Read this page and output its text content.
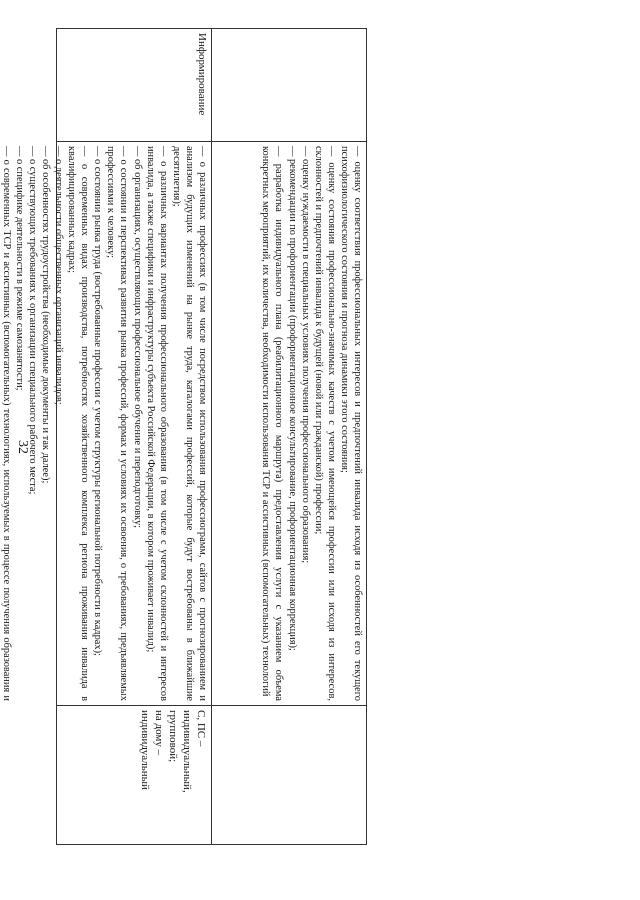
32	— оценку соответствия профессиональных интересов и предпочтений инвалида исходя из особенностей его текущего психофизиологического состояния и прогноза динамики этого состояния;

— оценку состояния профессионально-значимых качеств с учетом имеющейся профессии или исходя из интересов, склонностей и предпочтений инвалида к будущей (новой или гражданской) профессии;

— оценку нуждаемости в специальных условиях получения профессионального образования;

— рекомендации по профориентации (профориентационное консультирование, профориентационная коррекция);

— разработка индивидуального плана (реабилитационного маршрута) предоставления услуги с указанием объема конкретных мероприятий, их количества, необходимости использования ТСР и ассистивных (вспомогательных) технологий

Информирование

— о различных профессиях (в том числе посредством использования профессиограмм, сайтов с прогнозированием и анализом будущих изменений на рынке труда, каталогами профессий, которые будут востребованы в ближайшие десятилетия);

— о различных вариантах получения профессионального образования (в том числе с учетом склонностей и интересов инвалида, а также специфики и инфраструктуры субъекта Российской Федерации, в котором проживает инвалид);

— об организациях, осуществляющих профессиональное обучение и переподготовку;

— о состоянии и перспективах развития рынка профессий, формах и условиях их освоения, о требованиях, предъявляемых профессиями к человеку;

— о состоянии рынка труда (востребованные профессии с учетом структуры региональной потребности в кадрах);

— о современных видах производства, потребностях хозяйственного комплекса региона проживания инвалида в квалифицированных кадрах;

— о деятельности общественных организаций инвалидов;

— об особенностях трудоустройства (необходимые документы и так далее);

— о существующих требованиях к организации специального рабочего места;

— о специфике деятельности в режиме самозанятости;

— о современных ТСР и ассистивных (вспомогательных) технологиях, используемых в процессе получения образования и

С, ПС –
индивидуальный,
групповой;
на дому –
индивидуальный
